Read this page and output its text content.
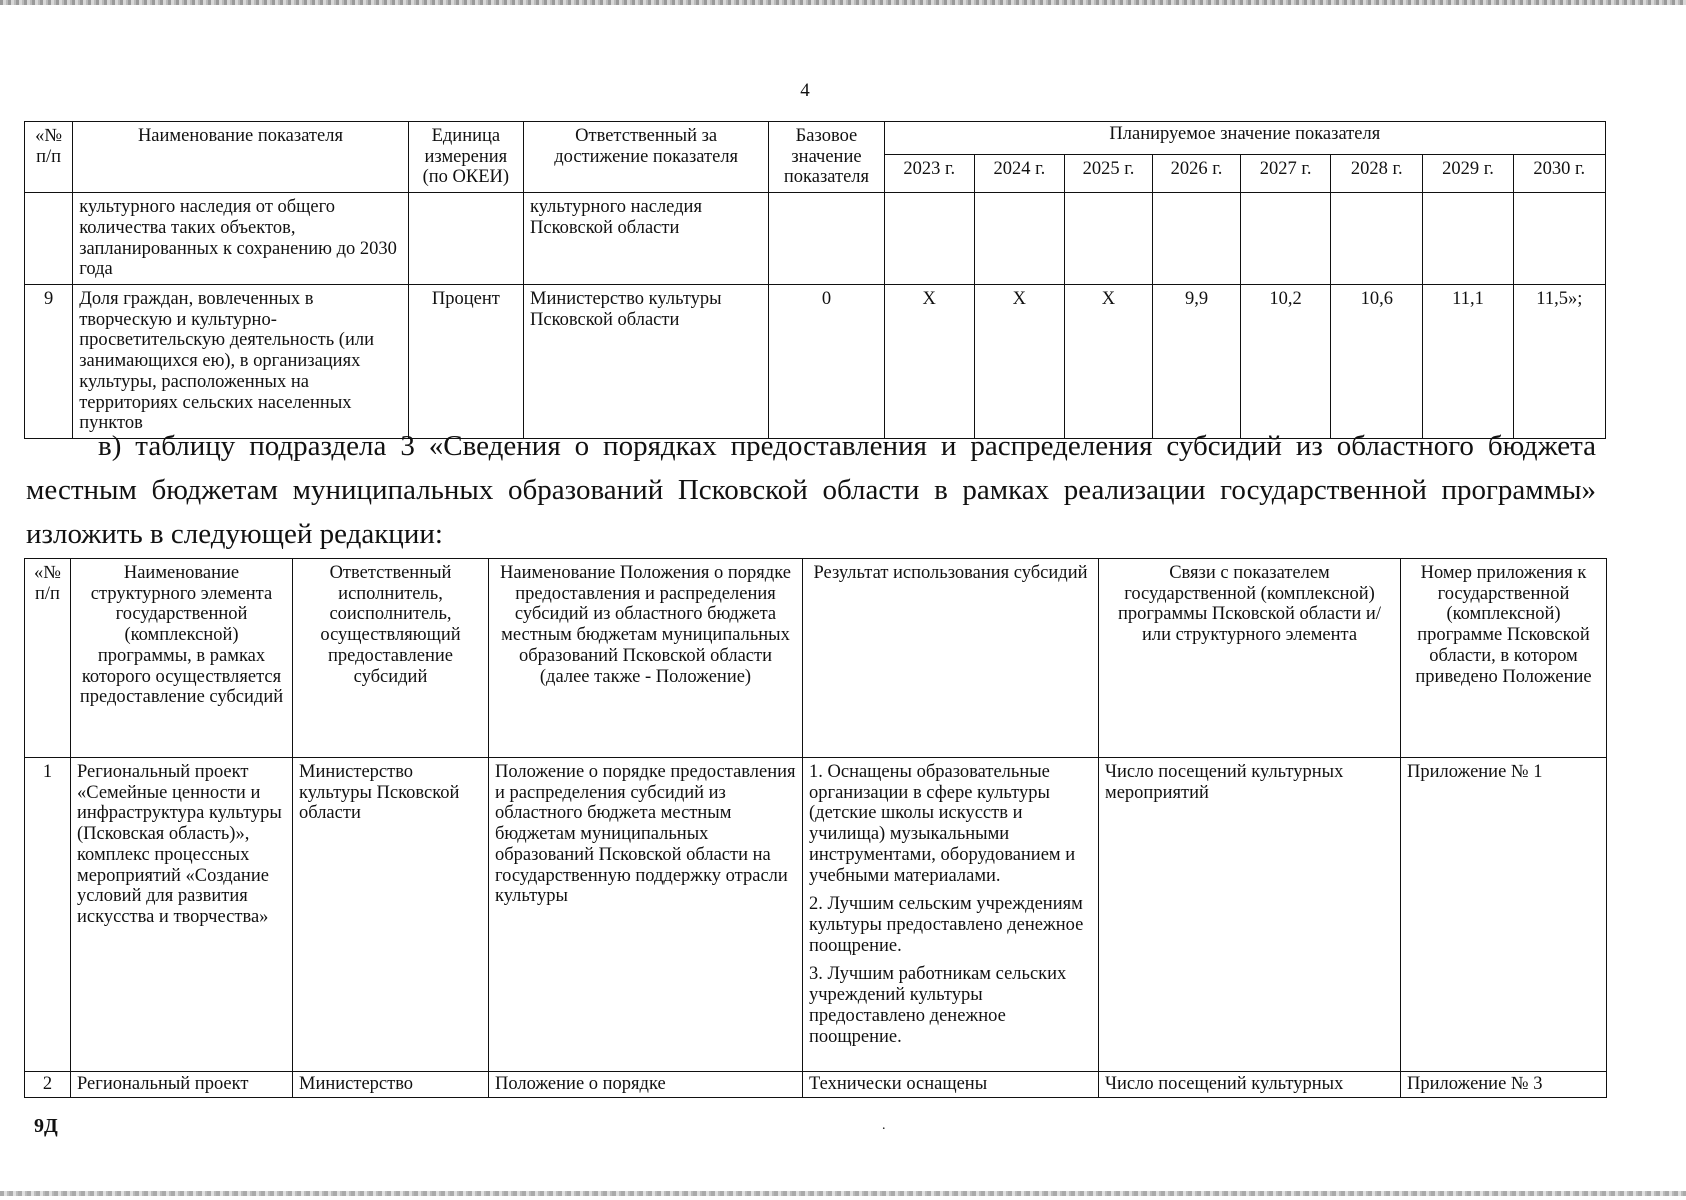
4
«№ п/п	Наименование показателя	Единица измерения (по ОКЕИ)	Ответственный за достижение показателя	Базовое значение показателя	Планируемое значение показателя							
					2023 г.	2024 г.	2025 г.	2026 г.	2027 г.	2028 г.	2029 г.	2030 г.
	культурного наследия от общего количества таких объектов, запланированных к сохранению до 2030 года		культурного наследия Псковской области									
9	Доля граждан, вовлеченных в творческую и культурно-просветительскую деятельность (или занимающихся ею), в организациях культуры, расположенных на территориях сельских населенных пунктов	Процент	Министерство культуры Псковской области	0	Х	Х	Х	9,9	10,2	10,6	11,1	11,5»;
в) таблицу подраздела 3 «Сведения о порядках предоставления и распределения субсидий из областного бюджета местным бюджетам муниципальных образований Псковской области в рамках реализации государственной программы» изложить в следующей редакции:
«№ п/п	Наименование структурного элемента государственной (комплексной) программы, в рамках которого осуществляется предоставление субсидий	Ответственный исполнитель, соисполнитель, осуществляющий предоставление субсидий	Наименование Положения о порядке предоставления и распределения субсидий из областного бюджета местным бюджетам муниципальных образований Псковской области (далее также - Положение)	Результат использования субсидий	Связи с показателем государственной (комплексной) программы Псковской области и/или структурного элемента	Номер приложения к государственной (комплексной) программе Псковской области, в котором приведено Положение
1	Региональный проект «Семейные ценности и инфраструктура культуры (Псковская область)», комплекс процессных мероприятий «Создание условий для развития искусства и творчества»	Министерство культуры Псковской области	Положение о порядке предоставления и распределения субсидий из областного бюджета местным бюджетам муниципальных образований Псковской области на государственную поддержку отрасли культуры	1. Оснащены образовательные организации в сфере культуры (детские школы искусств и училища) музыкальными инструментами, оборудованием и учебными материалами.
2. Лучшим сельским учреждениям культуры предоставлено денежное поощрение.
3. Лучшим работникам сельских учреждений культуры предоставлено денежное поощрение.	Число посещений культурных мероприятий	Приложение № 1
2	Региональный проект	Министерство	Положение о порядке	Технически оснащены	Число посещений культурных	Приложение № 3
9Д	.
